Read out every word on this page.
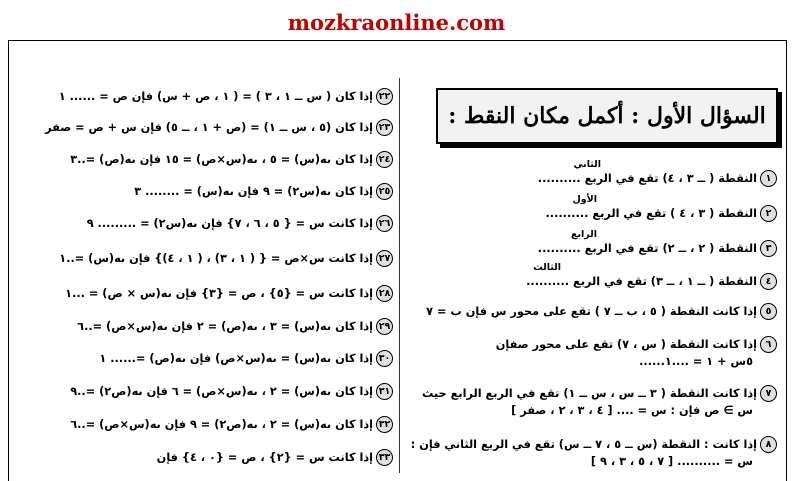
mozkraonline.com
السؤال الأول : أكمل مكان النقط :
٢٢
إذا كان ( س ــ ١ ، ٣ ) = ( ١ ، ص + س) فإن ص = ...... ١
٢٣
إذا كان (٥ ، س ــ ١) = (ص + ١ ، ــ ٥) فإن س + ص = صفر
٢٤
إذا كان ىه(س) = ٥ ، ىه(س×ص) = ١٥ فإن ىه(ص) =..٣
٢٥
إذا كان ىه(س٢) = ٩ فإن ىه(س) = ........ ٣
٢٦
إذا كانت س = { ٥ ، ٦ ، ٧} فإن ىه(س٢) = ......... ٩
٢٧
إذا كانت س×ص = { ( ١ ، ٣) ، ( ١ ، ٤)} فإن ىه(س) =..١
٢٨
إذا كانت س = {٥} ، ص = {٣} فإن ىه(س × ص) = ...١
٢٩
إذا كان ىه(س) = ٣ ، ىه(ص) = ٢ فإن ىه(س×ص) =..٦
٣٠
إذا كان ىه(س) = ىه(س×ص) فإن ىه(ص) =...... ١
٣١
إذا كان ىه(س) = ٢ ، ىه(س×ص) = ٦ فإن ىه(ص٢) =..٩
٣٢
إذا كان ىه(س) = ٢ ، ىه(ص٢) = ٩ فإن ىه(س×ص) =..٦
٣٣
إذا كانت س = {٢} ، ص = {٠ ، ٤} فإن
الثاني
١
النقطة ( ــ ٣ ، ٤) تقع في الربع ..........
الأول
٢
النقطة ( ٣ ، ٤ ) تقع في الربع ..........
الرابع
٣
النقطة ( ٢ ، ــ ٢) تقع في الربع ..........
الثالث
٤
النقطة ( ــ ١ ، ــ ٣) تقع في الربع ..........
٥
إذا كانت النقطة ( ٥ ، ب ــ ٧ ) تقع على محور س فإن ب = ٧
٦
إذا كانت النقطة ( س ، ٧) تقع على محور صفإن
٥س + ١ = ....١......
٧
إذا كانت النقطة ( ٣ ــ س ، س ــ ١) تقع في الربع الرابع حيث
س ∋ ص فإن : س = .... [ ٤ ، ٣ ، ٢ ، صفر ]
٨
إذا كانت : النقطة (س ــ ٥ ، ٧ ــ س) تقع في الربع الثاني فإن :
س = .......... [ ٧ ، ٥ ، ٣ ، ٩ ]
